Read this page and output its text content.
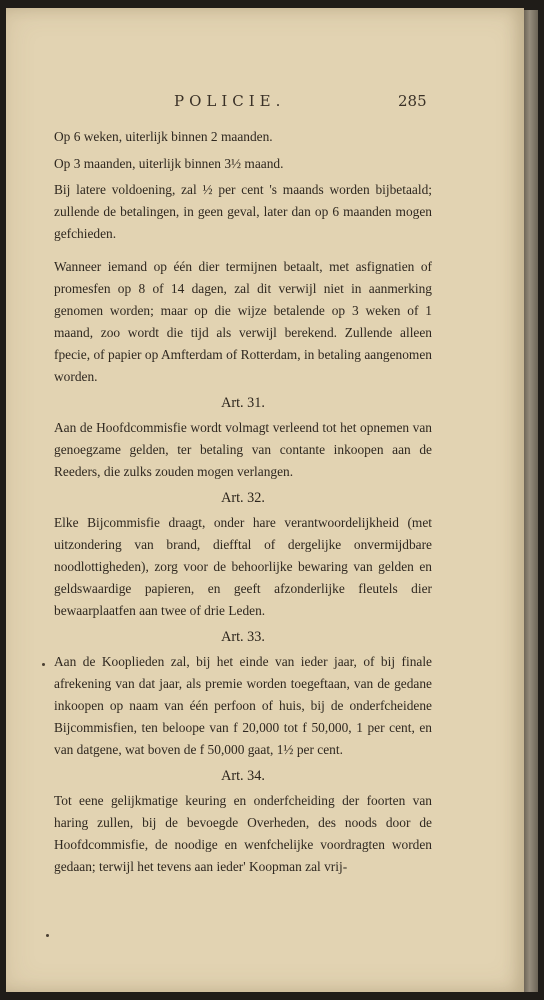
POLICIE.	285

Op 6 weken, uiterlijk binnen 2 maanden.

Op 3 maanden, uiterlijk binnen 3½ maand.

Bij latere voldoening, zal ½ per cent 's maands worden bijbetaald; zullende de betalingen, in geen geval, later dan op 6 maanden mogen gefchieden.

Wanneer iemand op één dier termijnen betaalt, met asfignatien of promesfen op 8 of 14 dagen, zal dit verwijl niet in aanmerking genomen worden; maar op die wijze betalende op 3 weken of 1 maand, zoo wordt die tijd als verwijl berekend. Zullende alleen fpecie, of papier op Amfterdam of Rotterdam, in betaling aangenomen worden.

Art. 31.

Aan de Hoofdcommisfie wordt volmagt verleend tot het opnemen van genoegzame gelden, ter betaling van contante inkoopen aan de Reeders, die zulks zouden mogen verlangen.

Art. 32.

Elke Bijcommisfie draagt, onder hare verantwoordelijkheid (met uitzondering van brand, diefftal of dergelijke onvermijdbare noodlottigheden), zorg voor de behoorlijke bewaring van gelden en geldswaardige papieren, en geeft afzonderlijke fleutels dier bewaarplaatfen aan twee of drie Leden.

Art. 33.

Aan de Kooplieden zal, bij het einde van ieder jaar, of bij finale afrekening van dat jaar, als premie worden toegeftaan, van de gedane inkoopen op naam van één perfoon of huis, bij de onderfcheidene Bijcommisfien, ten beloope van f 20,000 tot f 50,000, 1 per cent, en van datgene, wat boven de f 50,000 gaat, 1½ per cent.

Art. 34.

Tot eene gelijkmatige keuring en onderfcheiding der foorten van haring zullen, bij de bevoegde Overheden, des noods door de Hoofdcommisfie, de noodige en wenfchelijke voordragten worden gedaan; terwijl het tevens aan ieder' Koopman zal vrij-
